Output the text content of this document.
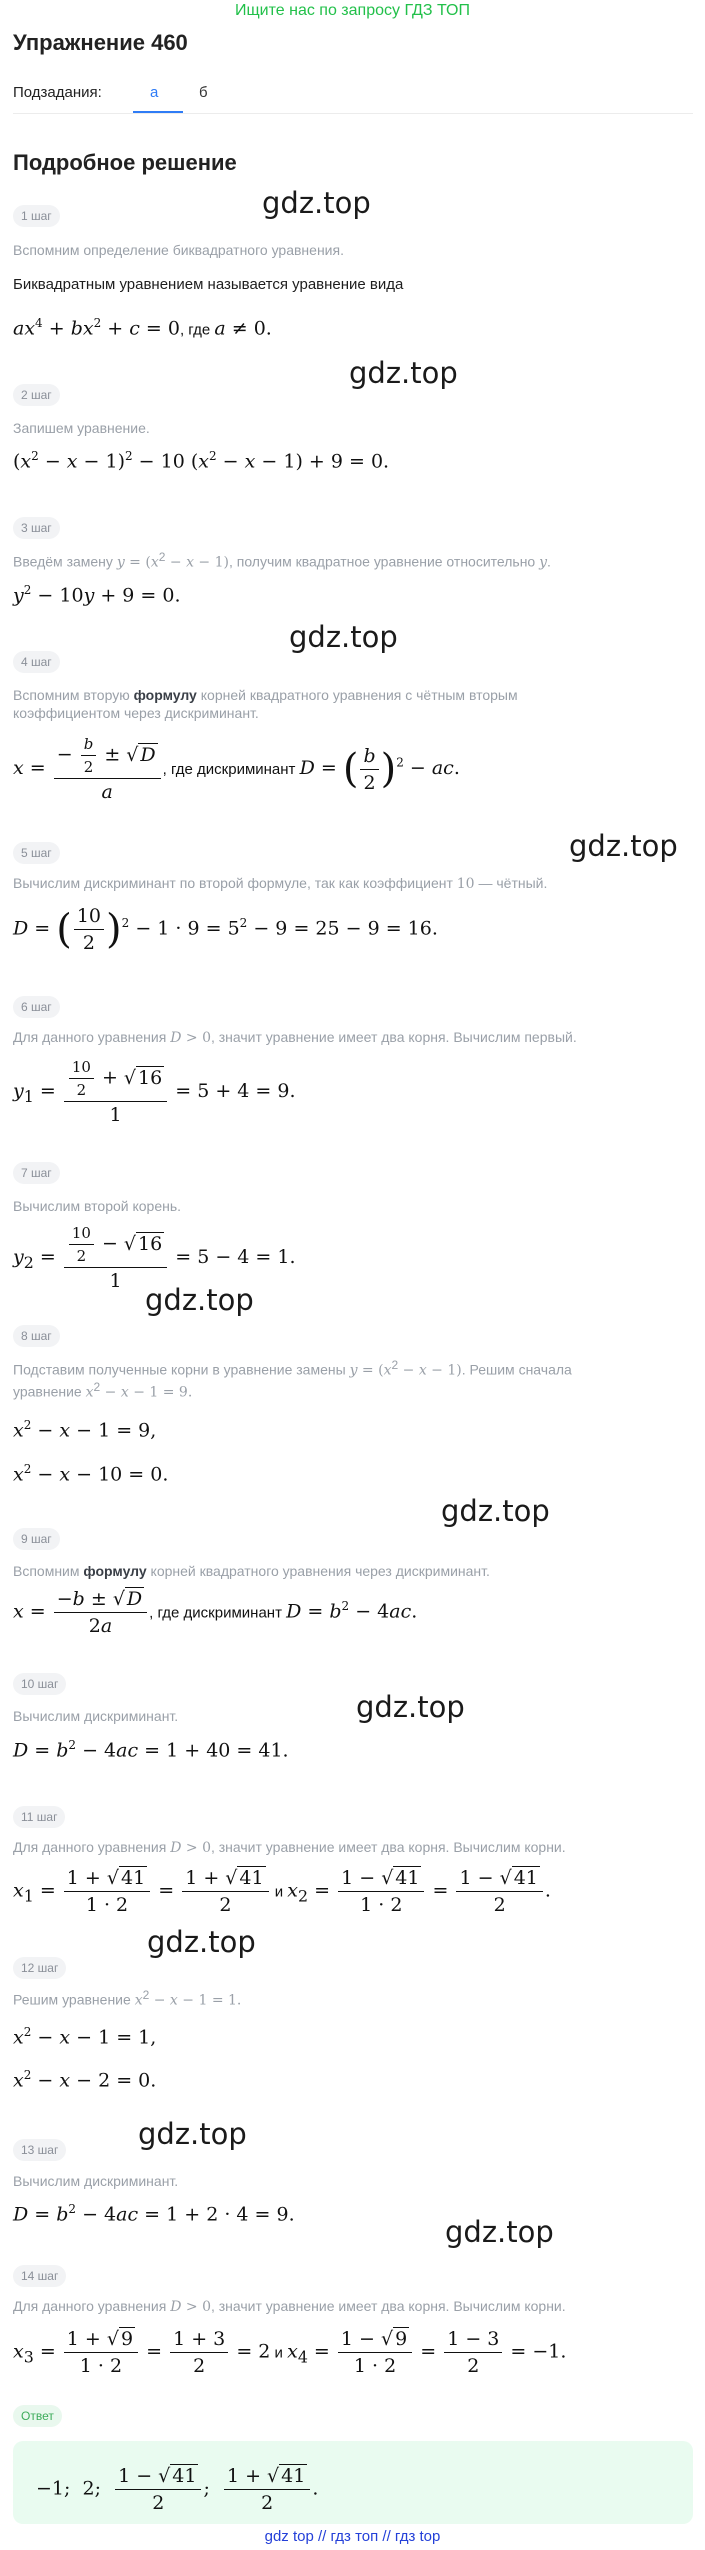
Ищите нас по запросу ГДЗ ТОП
Упражнение 460
Подзадания:	а	б
Подробное решение
1 шаг	gdz.top
Вспомним определение биквадратного уравнения.
Биквадратным уравнением называется уравнение вида
$ax^4 + bx^2 + c = 0$, где a ≠ 0.
gdz.top
2 шаг
Запишем уравнение.
$(x^2 - x - 1)^2 - 10$ $(x^2 - x - 1) + 9 = 0$.
3 шаг
Введём замену $y = (x^2 - x - 1)$, получим квадратное уравнение относительно y.
$y^2 - 10y + 9 = 0$.
gdz.top
4 шаг
Вспомним вторую формулу корней квадратного уравнения с чётным вторым
коэффициентом через дискриминант.
$x = \frac{- \frac{b}{2} \pm √ D}{a}$ , где дискриминант D = ( $\frac{b}{2} )^2$ − ac.
gdz.top
5 шаг
Вычислим дискриминант по второй формуле, так как коэффициент 10 — чётный.
D = ( $\frac{10}{2} )^2 - 1 \cdot 9 = 5^2 - 9 = 25 - 9 = 16$.
6 шаг
Для данного уравнения D > 0, значит уравнение имеет два корня. Вычислим первый.
$y_1 = \frac{\frac{10}{2} + √ 16}{1} = 5 + 4 = 9$.
7 шаг
Вычислим второй корень.
$y_2 = \frac{\frac{10}{2} - √ 16}{1} = 5 - 4 = 1$.
gdz.top
8 шаг
Подставим полученные корни в уравнение замены $y = (x^2 - x - 1)$. Решим сначала
уравнение $x^2 - x - 1 = 9$.
$x^2 - x - 1 = 9$,
$x^2 - x - 10 = 0$.
gdz.top
9 шаг
Вспомним формулу корней квадратного уравнения через дискриминант.
$x = \frac{-b \pm √ D}{2a}$ , где дискриминант $D = b^2 - 4ac$.
10 шаг
gdz.top
Вычислим дискриминант.
$D = b^2 - 4ac = 1 + 40 = 41$.
11 шаг
Для данного уравнения D > 0, значит уравнение имеет два корня. Вычислим корни.
$x_1 = \frac{1 + √ 41}{1 \cdot 2} = \frac{1 + √ 41}{2}$ и $x_2 = \frac{1 - √ 41}{1 \cdot 2} = \frac{1 - √ 41}{2}$ .
gdz.top
12 шаг
Решим уравнение $x^2 - x - 1 = 1$.
$x^2 - x - 1 = 1$,
$x^2 - x - 2 = 0$.
gdz.top
13 шаг
Вычислим дискриминант.
$D = b^2 - 4ac = 1 + 2 \cdot 4 = 9$.
gdz.top
14 шаг
Для данного уравнения D > 0, значит уравнение имеет два корня. Вычислим корни.
$x_3 = \frac{1 + √ 9}{1 \cdot 2} = \frac{1 + 3}{2} = 2$ и $x_4 = \frac{1 - √ 9}{1 \cdot 2} = \frac{1 - 3}{2} = -1$.
Ответ
−1;  2; $\frac{1 - √ 41}{2}$ ; $\frac{1 + √ 41}{2}$ .
gdz top // гдз топ // гдз top
